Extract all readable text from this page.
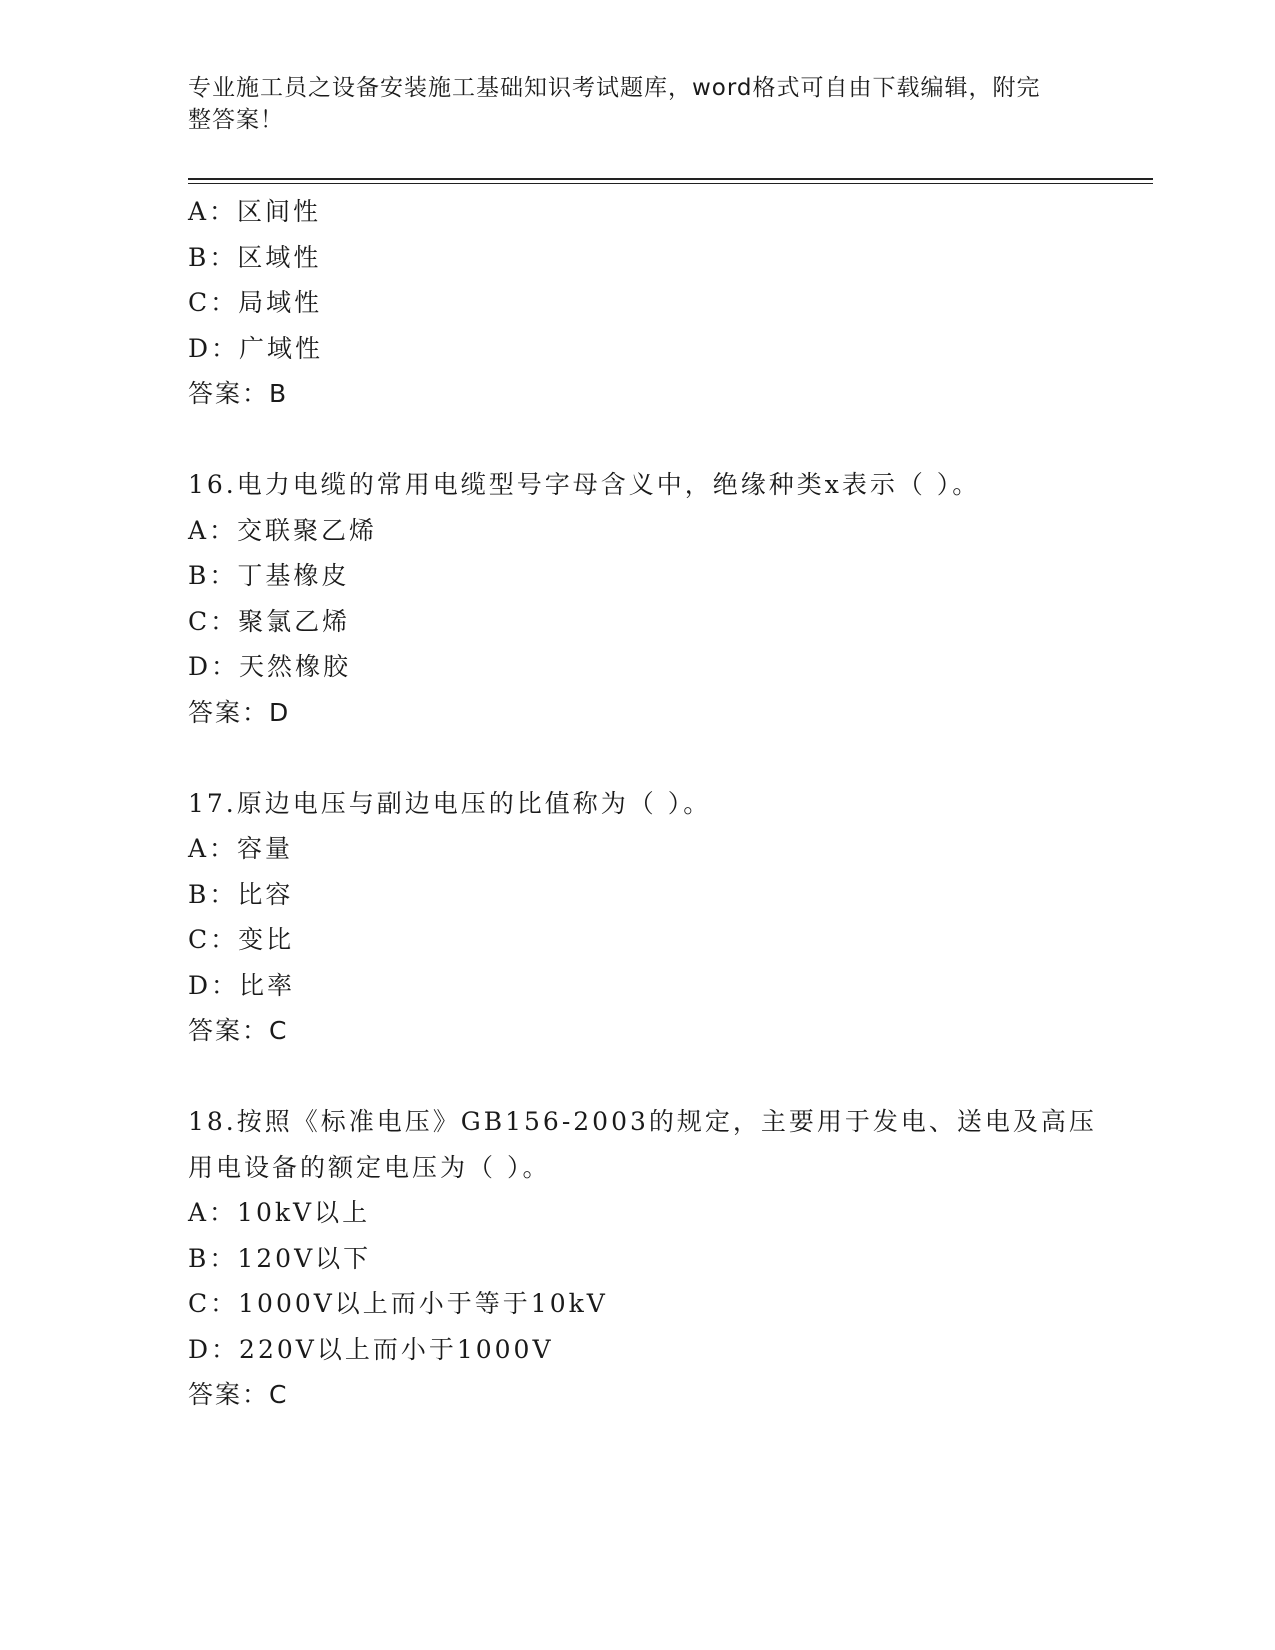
专业施工员之设备安装施工基础知识考试题库，word格式可自由下载编辑，附完
整答案！
A：区间性
B：区域性
C：局域性
D：广域性
答案：B
16.电力电缆的常用电缆型号字母含义中，绝缘种类x表示（ ）。
A：交联聚乙烯
B：丁基橡皮
C：聚氯乙烯
D：天然橡胶
答案：D
17.原边电压与副边电压的比值称为（ ）。
A：容量
B：比容
C：变比
D：比率
答案：C
18.按照《标准电压》GB156-2003的规定，主要用于发电、送电及高压
用电设备的额定电压为（ ）。
A：10kV以上
B：120V以下
C：1000V以上而小于等于10kV
D：220V以上而小于1000V
答案：C
